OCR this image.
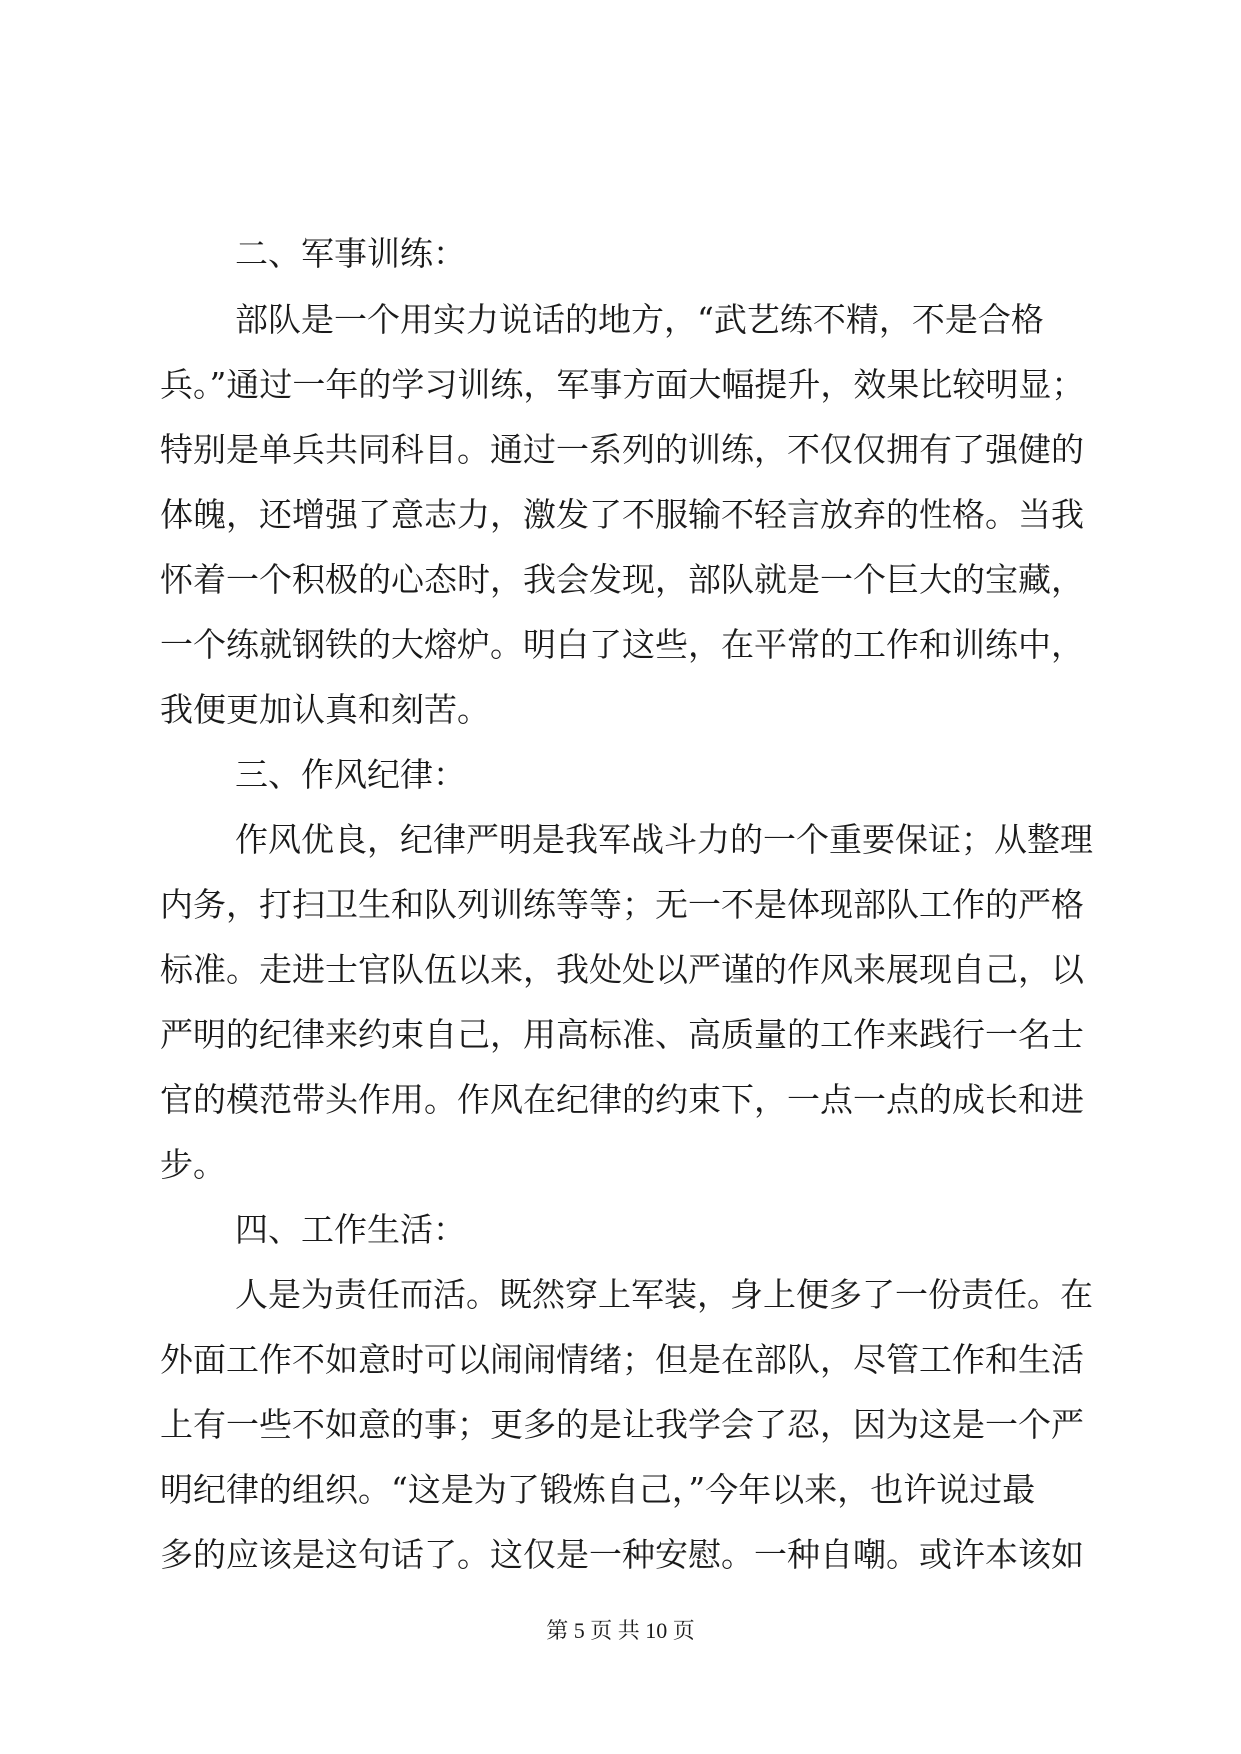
二、军事训练：
部队是一个用实力说话的地方，“武艺练不精，不是合格
兵。”通过一年的学习训练，军事方面大幅提升，效果比较明显；
特别是单兵共同科目。通过一系列的训练，不仅仅拥有了强健的
体魄，还增强了意志力，激发了不服输不轻言放弃的性格。当我
怀着一个积极的心态时，我会发现，部队就是一个巨大的宝藏，
一个练就钢铁的大熔炉。明白了这些，在平常的工作和训练中，
我便更加认真和刻苦。
三、作风纪律：
作风优良，纪律严明是我军战斗力的一个重要保证；从整理
内务，打扫卫生和队列训练等等；无一不是体现部队工作的严格
标准。走进士官队伍以来，我处处以严谨的作风来展现自己，以
严明的纪律来约束自己，用高标准、高质量的工作来践行一名士
官的模范带头作用。作风在纪律的约束下，一点一点的成长和进
步。
四、工作生活：
人是为责任而活。既然穿上军装，身上便多了一份责任。在
外面工作不如意时可以闹闹情绪；但是在部队，尽管工作和生活
上有一些不如意的事；更多的是让我学会了忍，因为这是一个严
明纪律的组织。“这是为了锻炼自己，”今年以来，也许说过最
多的应该是这句话了。这仅是一种安慰。一种自嘲。或许本该如
第 5 页 共 10 页
